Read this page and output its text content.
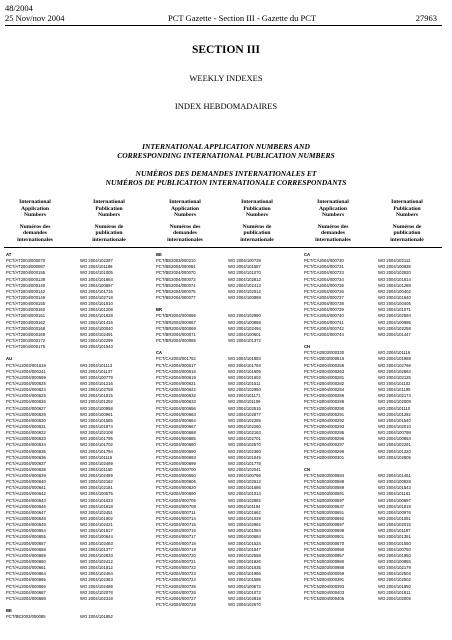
48/2004
25 Nov/nov 2004	PCT Gazette - Section III - Gazette du PCT	27963
SECTION III
WEEKLY INDEXES
INDEX HEBDOMADAIRES
INTERNATIONAL APPLICATION NUMBERS AND
CORRESPONDING INTERNATIONAL PUBLICATION NUMBERS
NUMÉROS DES DEMANDES INTERNATIONALES ET
NUMÉROS DE PUBLICATION INTERNATIONALE CORRESPONDANTS
International
Application
Numbers
Numéros des
demandes
internationales
International
Publication
Numbers
Numéros de
publication
internationale
International
Application
Numbers
Numéros des
demandes
internationales
International
Publication
Numbers
Numéros de
publication
internationale
International
Application
Numbers
Numéros des
demandes
internationales
International
Publication
Numbers
Numéros de
publication
internationale
AT
PCT/AT2004/000070
PCT/AT2004/000087
PCT/AT2004/000155
PCT/AT2004/000139
PCT/AT2004/000140
PCT/AT2004/000142
PCT/AT2004/000149
PCT/AT2004/000155
PCT/AT2004/000160
PCT/AT2004/000161
PCT/AT2004/000162
PCT/AT2004/000168
PCT/AT2004/000169
PCT/AT2004/000172
PCT/AT2004/000175
AU
PCT/AU2003/001618
PCT/AU2004/000241
PCT/AU2004/000569
PCT/AU2004/000625
PCT/AU2004/000624
PCT/AU2004/000625
PCT/AU2004/000626
PCT/AU2004/000627
PCT/AU2004/000629
PCT/AU2004/000630
PCT/AU2004/000631
PCT/AU2004/000632
PCT/AU2004/000633
PCT/AU2004/000634
PCT/AU2004/000635
PCT/AU2004/000636
PCT/AU2004/000637
PCT/AU2004/000638
PCT/AU2004/000639
PCT/AU2004/000640
PCT/AU2004/000641
PCT/AU2004/000642
PCT/AU2004/000643
PCT/AU2004/000645
PCT/AU2004/000647
PCT/AU2004/000648
PCT/AU2004/000649
PCT/AU2004/000654
PCT/AU2004/000655
PCT/AU2004/000657
PCT/AU2004/000658
PCT/AU2004/000659
PCT/AU2004/000660
PCT/AU2004/000661
PCT/AU2004/000664
PCT/AU2004/000665
PCT/AU2004/000666
PCT/AU2004/000667
PCT/AU2004/000668
BE
PCT/BE2003/000085
WO 2004/102287
WO 2004/101188
WO 2004/101005
WO 2004/101884
WO 2004/100697
WO 2004/101715
WO 2004/102718
WO 2004/101510
WO 2004/101208
WO 2004/101828
WO 2004/101415
WO 2004/100040
WO 2004/102491
WO 2004/102299
WO 2004/101543
WO 2004/101113
WO 2004/101137
WO 2004/100779
WO 2004/101216
WO 2004/102759
WO 2004/101815
WO 2004/101252
WO 2004/100958
WO 2004/100961
WO 2004/101585
WO 2004/101874
WO 2004/102108
WO 2004/101795
WO 2004/101702
WO 2004/101794
WO 2004/101115
WO 2004/102469
WO 2004/101150
WO 2004/102489
WO 2004/102162
WO 2004/102181
WO 2004/100575
WO 2004/101633
WO 2004/101618
WO 2004/102451
WO 2004/101902
WO 2004/102421
WO 2004/101817
WO 2004/100644
WO 2004/102463
WO 2004/101377
WO 2004/102833
WO 2004/102412
WO 2004/101812
WO 2004/102464
WO 2004/102363
WO 2004/102488
WO 2004/102078
WO 2004/102319
WO 2004/101852
BE
PCT/BE2003/000210
PCT/BE2004/000064
PCT/BE2004/000070
PCT/BE2004/000073
PCT/BE2004/000074
PCT/BE2004/000075
PCT/BE2004/000077
BR
PCT/BR2004/000066
PCT/BR2004/000067
PCT/BR2004/000069
PCT/BR2004/000071
PCT/BR2004/000085
CA
PCT/CA2003/001752
PCT/CA2004/000617
PCT/CA2004/000618
PCT/CA2004/000619
PCT/CA2004/000621
PCT/CA2004/000622
PCT/CA2004/000632
PCT/CA2004/000633
PCT/CA2004/000656
PCT/CA2004/000663
PCT/CA2004/000664
PCT/CA2004/000667
PCT/CA2004/000688
PCT/CA2004/000685
PCT/CA2004/000680
PCT/CA2004/000690
PCT/CA2004/000693
PCT/CA2004/000699
PCT/CA2004/000700
PCT/CA2004/000550
PCT/CA2004/000606
PCT/CA2004/000820
PCT/CA2004/000690
PCT/CA2004/000705
PCT/CA2004/000708
PCT/CA2004/000711
PCT/CA2004/000714
PCT/CA2004/000715
PCT/CA2004/000716
PCT/CA2004/000717
PCT/CA2004/000718
PCT/CA2004/000719
PCT/CA2004/000720
PCT/CA2004/000721
PCT/CA2004/000722
PCT/CA2004/000723
PCT/CA2004/000724
PCT/CA2004/000725
PCT/CA2004/000726
PCT/CA2004/000727
PCT/CA2004/000728
WO 2004/100739
WO 2004/101587
WO 2004/101070
WO 2004/102812
WO 2004/102413
WO 2004/102012
WO 2004/100869
WO 2004/102990
WO 2004/100869
WO 2004/102494
WO 2004/100601
WO 2004/101372
WO 2004/101883
WO 2004/101794
WO 2004/101605
WO 2004/101602
WO 2004/101511
WO 2004/102950
WO 2004/101171
WO 2004/101106
WO 2004/102515
WO 2004/102877
WO 2004/102255
WO 2004/102260
WO 2004/102163
WO 2004/102701
WO 2004/102570
WO 2004/102360
WO 2004/101045
WO 2004/101778
WO 2004/102041
WO 2004/100766
WO 2004/102513
WO 2004/101686
WO 2004/101014
WO 2004/102882
WO 2004/101194
WO 2004/101662
WO 2004/101029
WO 2004/102962
WO 2004/101084
WO 2004/100684
WO 2004/101524
WO 2004/101847
WO 2004/102559
WO 2004/101826
WO 2004/101835
WO 2004/101966
WO 2004/101585
WO 2004/100672
WO 2004/101072
WO 2004/102818
WO 2004/102670
CA
PCT/CA2004/000730
PCT/CA2004/000731
PCT/CA2004/000733
PCT/CA2004/000734
PCT/CA2004/000735
PCT/CA2004/000736
PCT/CA2004/000737
PCT/CA2004/000738
PCT/CA2004/000739
PCT/CA2004/000740
PCT/CA2004/000741
PCT/CA2004/000742
PCT/CA2004/000744
CH
PCT/CH2003/000330
PCT/CH2003/000816
PCT/CH2004/000258
PCT/CH2004/000263
PCT/CH2004/000281
PCT/CH2004/000282
PCT/CH2004/000284
PCT/CH2004/000286
PCT/CH2004/000288
PCT/CH2004/000290
PCT/CH2004/000291
PCT/CH2004/000292
PCT/CH2004/000293
PCT/CH2004/000295
PCT/CH2004/000296
PCT/CH2004/000297
PCT/CH2004/000298
PCT/CH2004/000301
CN
PCT/CN2003/000584
PCT/CN2003/000588
PCT/CN2003/000589
PCT/CN2003/000591
PCT/CN2003/000597
PCT/CN2003/000637
PCT/CN2003/000651
PCT/CN2003/000692
PCT/CN2003/000697
PCT/CN2003/000698
PCT/CN2003/000801
PCT/CN2003/000870
PCT/CN2003/000950
PCT/CN2003/000957
PCT/CN2003/000980
PCT/CN2003/000988
PCT/CN2004/000059
PCT/CN2004/000391
PCT/CN2004/000393
PCT/CN2004/000403
PCT/CN2004/000405
WO 2004/102112
WO 2004/100635
WO 2004/102820
WO 2004/101814
WO 2004/101288
WO 2004/100402
WO 2004/101640
WO 2004/100405
WO 2004/101071
WO 2004/102594
WO 2004/100995
WO 2004/102258
WO 2004/101447
WO 2004/101116
WO 2004/101968
WO 2004/102766
WO 2004/102664
WO 2004/102125
WO 2004/101102
WO 2004/101195
WO 2004/102174
WO 2004/102009
WO 2004/101110
WO 2004/101282
WO 2004/101540
WO 2004/102010
WO 2004/100798
WO 2004/100854
WO 2004/102291
WO 2004/101320
WO 2004/102805
WO 2004/101451
WO 2004/100928
WO 2004/101543
WO 2004/101161
WO 2004/100697
WO 2004/101819
WO 2004/100976
WO 2004/101051
WO 2004/102015
WO 2004/101197
WO 2004/101351
WO 2004/101550
WO 2004/100750
WO 2004/101950
WO 2004/100855
WO 2004/102179
WO 2004/102504
WO 2004/102502
WO 2004/101850
WO 2004/101911
WO 2004/102005
